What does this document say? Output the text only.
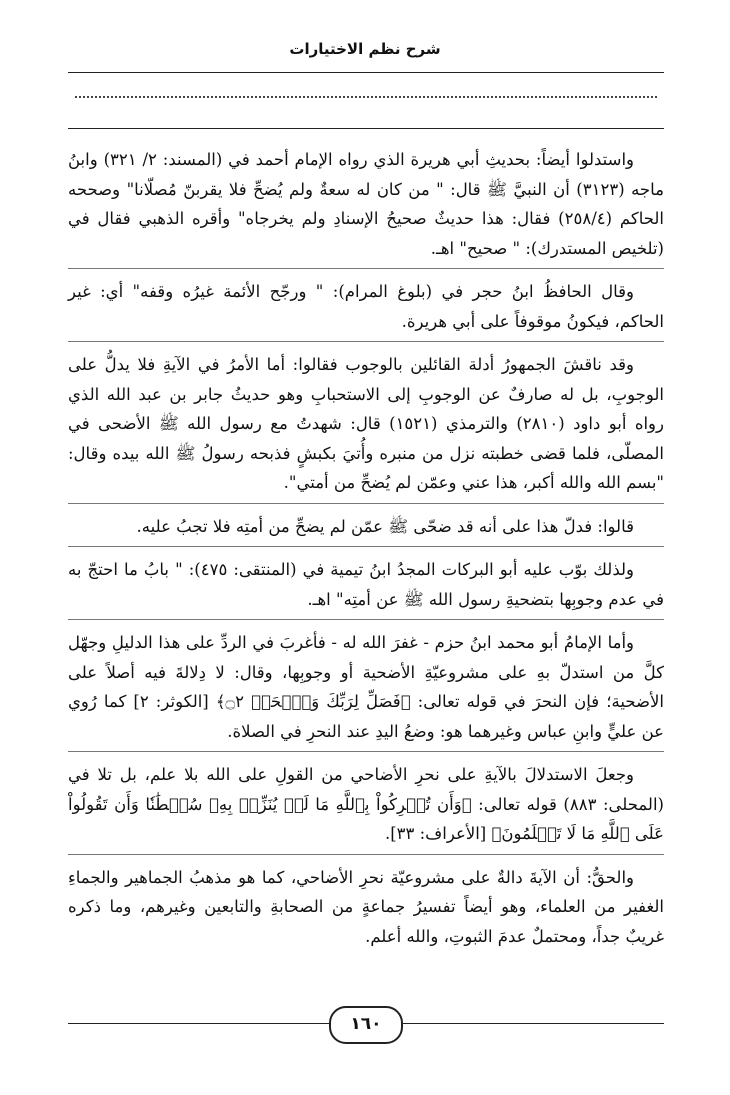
شرح نظم الاختيارات

واستدلوا أيضاً: بحديثِ أبي هريرة الذي رواه الإمام أحمد في (المسند: ٢/ ٣٢١) وابنُ ماجه (٣١٢٣) أن النبيَّ ﷺ قال: " من كان له سعةٌ ولم يُضحِّ فلا يقربنّ مُصلّانا" وصححه الحاكم (٢٥٨/٤) فقال: هذا حديثٌ صحيحُ الإسنادِ ولم يخرجاه" وأقره الذهبي فقال في (تلخيص المستدرك): " صحيح" اهـ.

وقال الحافظُ ابنُ حجر في (بلوغ المرام): " ورجّح الأئمة غيرُه وقفه" أي: غير الحاكم، فيكونُ موقوفاً على أبي هريرة.

وقد ناقشَ الجمهورُ أدلة القائلين بالوجوب فقالوا: أما الأمرُ في الآيةِ فلا يدلُّ على الوجوبِ، بل له صارفٌ عن الوجوبِ إلى الاستحبابِ وهو حديثُ جابر بن عبد الله الذي رواه أبو داود (٢٨١٠) والترمذي (١٥٢١) قال: شهدتُ مع رسول الله ﷺ الأضحى في المصلّى، فلما قضى خطبته نزل من منبره وأُتيَ بكبشٍ فذبحه رسولُ ﷺ الله بيده وقال: "بسم الله والله أكبر، هذا عني وعمّن لم يُضحِّ من أمتي".

قالوا: فدلّ هذا على أنه قد ضحّى ﷺ عمّن لم يضحِّ من أمتِه فلا تجبُ عليه.

ولذلك بوّب عليه أبو البركات المجدُ ابنُ تيمية في (المنتقى: ٤٧٥): " بابُ ما احتجّ به في عدم وجوبِها بتضحيةِ رسول الله ﷺ عن أمتِه" اهـ.

وأما الإمامُ أبو محمد ابنُ حزم - غفرَ الله له - فأغربَ في الردِّ على هذا الدليلِ وجهّل كلَّ من استدلّ بهِ على مشروعيّةِ الأضحية أو وجوبِها، وقال: لا دِلالةَ فيه أصلاً على الأضحية؛ فإن النحرَ في قوله تعالى: ﴿فَصَلِّ لِرَبِّكَ وَٱنۡحَرۡ ۝٢﴾ [الكوثر: ٢] كما رُوي عن عليٍّ وابنِ عباس وغيرهما هو: وضعُ اليدِ عند النحرِ في الصلاة.

وجعلَ الاستدلالَ بالآيةِ على نحرِ الأضاحي من القولِ على الله بلا علم، بل تلا في (المحلى: ٨٨٣) قوله تعالى: ﴿وَأَن تُشۡرِكُواْ بِٱللَّهِ مَا لَمۡ يُنَزِّلۡ بِهِۦ سُلۡطَٰنٗا وَأَن تَقُولُواْ عَلَى ٱللَّهِ مَا لَا تَعۡلَمُونَ﴾ [الأعراف: ٣٣].

والحقُّ: أن الآيةَ دالةٌ على مشروعيّة نحرِ الأضاحي، كما هو مذهبُ الجماهير والجماءِ الغفير من العلماء، وهو أيضاً تفسيرُ جماعةٍ من الصحابةِ والتابعين وغيرهم، وما ذكره غريبٌ جداً، ومحتملٌ عدمَ الثبوتِ، والله أعلم.

١٦٠
